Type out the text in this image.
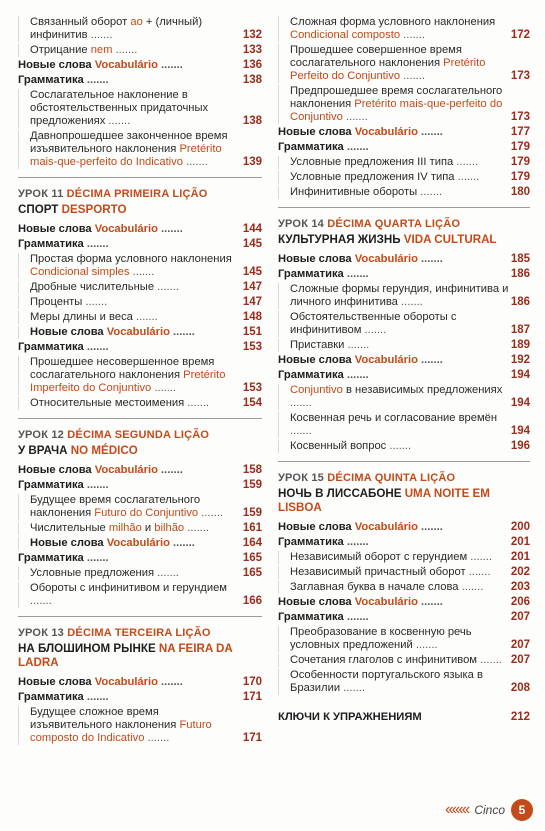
Связанный оборот ao + (личный) инфинитив .......	132
Отрицание nem .......	133
Новые слова Vocabulário .......	136
Грамматика .......	138
Сослагательное наклонение в обстоятельственных придаточных предложениях .......	138
Давнопрошедшее законченное время изъявительного наклонения Pretérito mais-que-perfeito do Indicativo .......	139
УРОК 11 DÉCIMA PRIMEIRA LIÇÃO
СПОРТ DESPORTO
Новые слова Vocabulário .......	144
Грамматика .......	145
Простая форма условного наклонения Condicional simples .......	145
Дробные числительные .......	147
Проценты .......	147
Меры длины и веса .......	148
Новые слова Vocabulário .......	151
Грамматика .......	153
Прошедшее несовершенное время сослагательного наклонения Pretérito Imperfeito do Conjuntivo .......	153
Относительные местоимения .......	154
УРОК 12 DÉCIMA SEGUNDA LIÇÃO
У ВРАЧА NO MÉDICO
Новые слова Vocabulário .......	158
Грамматика .......	159
Будущее время сослагательного наклонения Futuro do Conjuntivo .......	159
Числительные milhão и bilhão .......	161
Новые слова Vocabulário .......	164
Грамматика .......	165
Условные предложения .......	165
Обороты с инфинитивом и герундием .......	166
УРОК 13 DÉCIMA TERCEIRA LIÇÃO
НА БЛОШИНОМ РЫНКЕ NA FEIRA DA LADRA
Новые слова Vocabulário .......	170
Грамматика .......	171
Будущее сложное время изъявительного наклонения Futuro composto do Indicativo .......	171
Сложная форма условного наклонения Condicional composto .......	172
Прошедшее совершенное время сослагательного наклонения Pretérito Perfeito do Conjuntivo .......	173
Предпрошедшее время сослагательного наклонения Pretérito mais-que-perfeito do Conjuntivo .......	173
Новые слова Vocabulário .......	177
Грамматика .......	179
Условные предложения III типа .......	179
Условные предложения IV типа .......	179
Инфинитивные обороты .......	180
УРОК 14 DÉCIMA QUARTA LIÇÃO
КУЛЬТУРНАЯ ЖИЗНЬ VIDA CULTURAL
Новые слова Vocabulário .......	185
Грамматика .......	186
Сложные формы герундия, инфинитива и личного инфинитива .......	186
Обстоятельственные обороты с инфинитивом .......	187
Приставки .......	189
Новые слова Vocabulário .......	192
Грамматика .......	194
Conjuntivo в независимых предложениях .......	194
Косвенная речь и согласование времён .......	194
Косвенный вопрос .......	196
УРОК 15 DÉCIMA QUINTA LIÇÃO
НОЧЬ В ЛИССАБОНЕ UMA NOITE EM LISBOA
Новые слова Vocabulário .......	200
Грамматика .......	201
Независимый оборот с герундием .......	201
Независимый причастный оборот .......	202
Заглавная буква в начале слова .......	203
Новые слова Vocabulário .......	206
Грамматика .......	207
Преобразование в косвенную речь условных предложений .......	207
Сочетания глаголов с инфинитивом ....... 207
Особенности португальского языка в Бразилии .......	208
КЛЮЧИ К УПРАЖНЕНИЯМ	212
‹‹‹‹‹‹‹ Cinco	5
